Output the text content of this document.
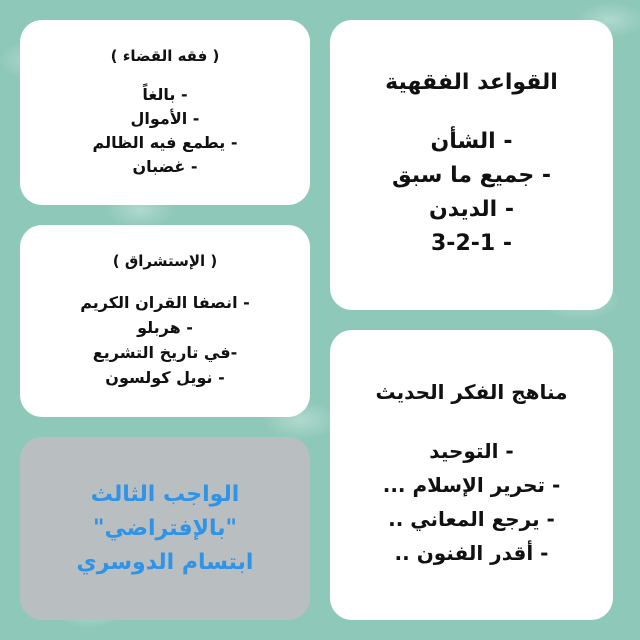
( فقه القضاء )
- بالغاً
- الأموال
- يطمع فيه الظالم
- غضبان
( الإستشراق )
- انصفا القران الكريم
- هربلو
-في تاريخ التشريع
- نويل كولسون
القواعد الفقهية
- الشأن
- جميع ما سبق
- الديدن
- 3-2-1
مناهج الفكر الحديث
- التوحيد
- تحرير الإسلام ...
- يرجع المعاني ..
- أقدر الفنون ..
الواجب الثالث
"بالإفتراضي"
ابتسام الدوسري
